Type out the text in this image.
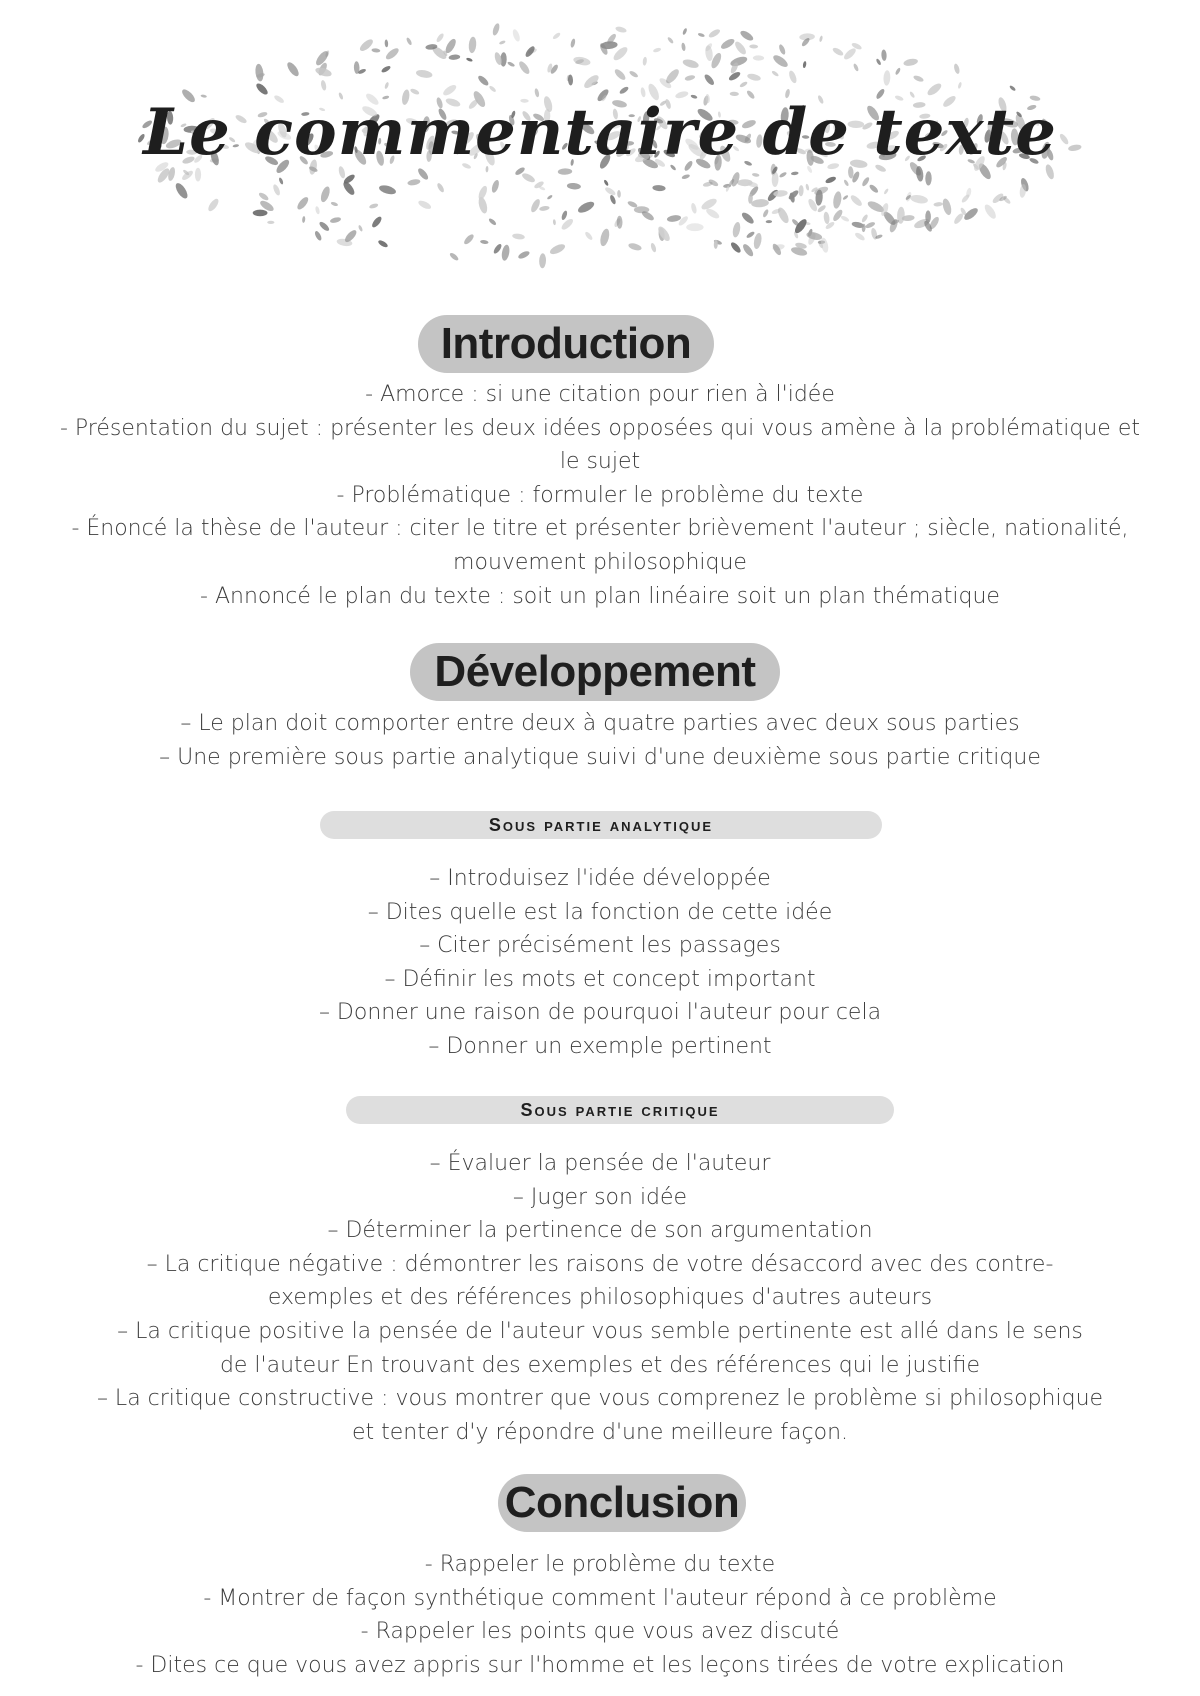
Le commentaire de texte
Introduction
- Amorce : si une citation pour rien à l'idée
- Présentation du sujet : présenter les deux idées opposées qui vous amène à la problématique et
le sujet
- Problématique : formuler le problème du texte
- Énoncé la thèse de l'auteur : citer le titre et présenter brièvement l'auteur ; siècle, nationalité,
mouvement philosophique
- Annoncé le plan du texte : soit un plan linéaire soit un plan thématique
Développement
– Le plan doit comporter entre deux à quatre parties avec deux sous parties
– Une première sous partie analytique suivi d'une deuxième sous partie critique
Sous partie analytique
– Introduisez l'idée développée
– Dites quelle est la fonction de cette idée
– Citer précisément les passages
– Définir les mots et concept important
– Donner une raison de pourquoi l'auteur pour cela
– Donner un exemple pertinent
Sous partie critique
– Évaluer la pensée de l'auteur
– Juger son idée
– Déterminer la pertinence de son argumentation
– La critique négative : démontrer les raisons de votre désaccord avec des contre-
exemples et des références philosophiques d'autres auteurs
– La critique positive la pensée de l'auteur vous semble pertinente est allé dans le sens
de l'auteur En trouvant des exemples et des références qui le justifie
– La critique constructive : vous montrer que vous comprenez le problème si philosophique
et tenter d'y répondre d'une meilleure façon.
Conclusion
- Rappeler le problème du texte
- Montrer de façon synthétique comment l'auteur répond à ce problème
- Rappeler les points que vous avez discuté
- Dites ce que vous avez appris sur l'homme et les leçons tirées de votre explication
